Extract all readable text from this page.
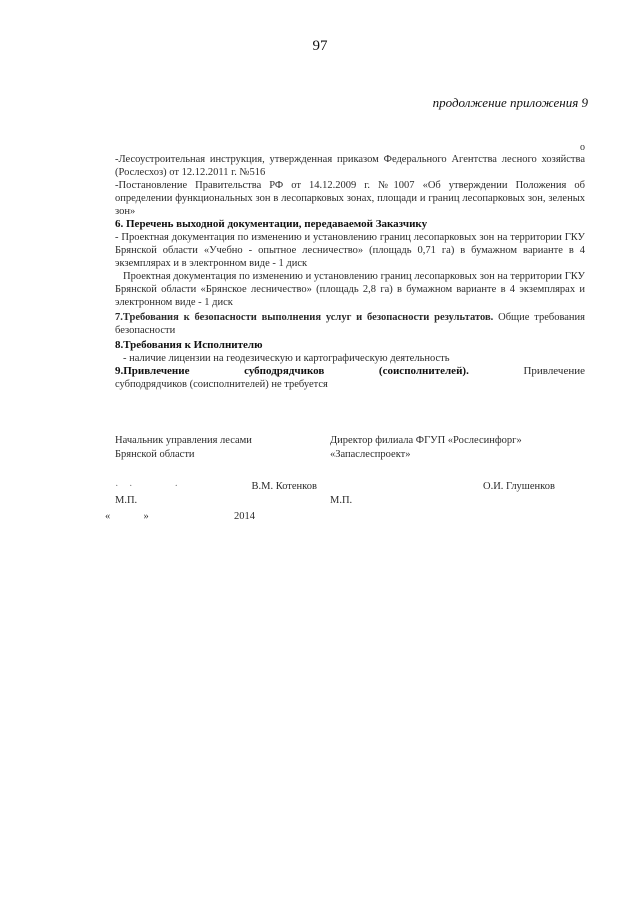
97
продолжение приложения 9
о

-Лесоустроительная инструкция, утвержденная приказом Федерального Агентства лесного хозяйства (Рослесхоз) от 12.12.2011 г. №516

-Постановление Правительства РФ от 14.12.2009 г. №1007 «Об утверждении Положения об определении функциональных зон в лесопарковых зонах, площади и границ лесопарковых зон, зеленых зон»

6. Перечень выходной документации, передаваемой Заказчику

- Проектная документация по изменению и установлению границ лесопарковых зон на территории ГКУ Брянской области «Учебно - опытное лесничество» (площадь 0,71 га) в бумажном варианте в 4 экземплярах и в электронном виде - 1 диск

Проектная документация по изменению и установлению границ лесопарковых зон на территории ГКУ Брянской области «Брянское лесничество» (площадь 2,8 га) в бумажном варианте в 4 экземплярах и электронном виде - 1 диск

7.Требования к безопасности выполнения услуг и безопасности результатов. Общие требования безопасности

8.Требования к Исполнителю

- наличие лицензии на геодезическую и картографическую деятельность

9.Привлечение	субподрядчиков	(соисполнителей).	Привлечение

субподрядчиков (соисполнителей) не требуется

Начальник управления лесами
Брянской области
Директор филиала ФГУП «Рослесинфорг»
«Запаслеспроект»
·    ·                ·                            В.М. Котенков	О.И. Глушенков
М.П.	М.П.
«	»	2014
